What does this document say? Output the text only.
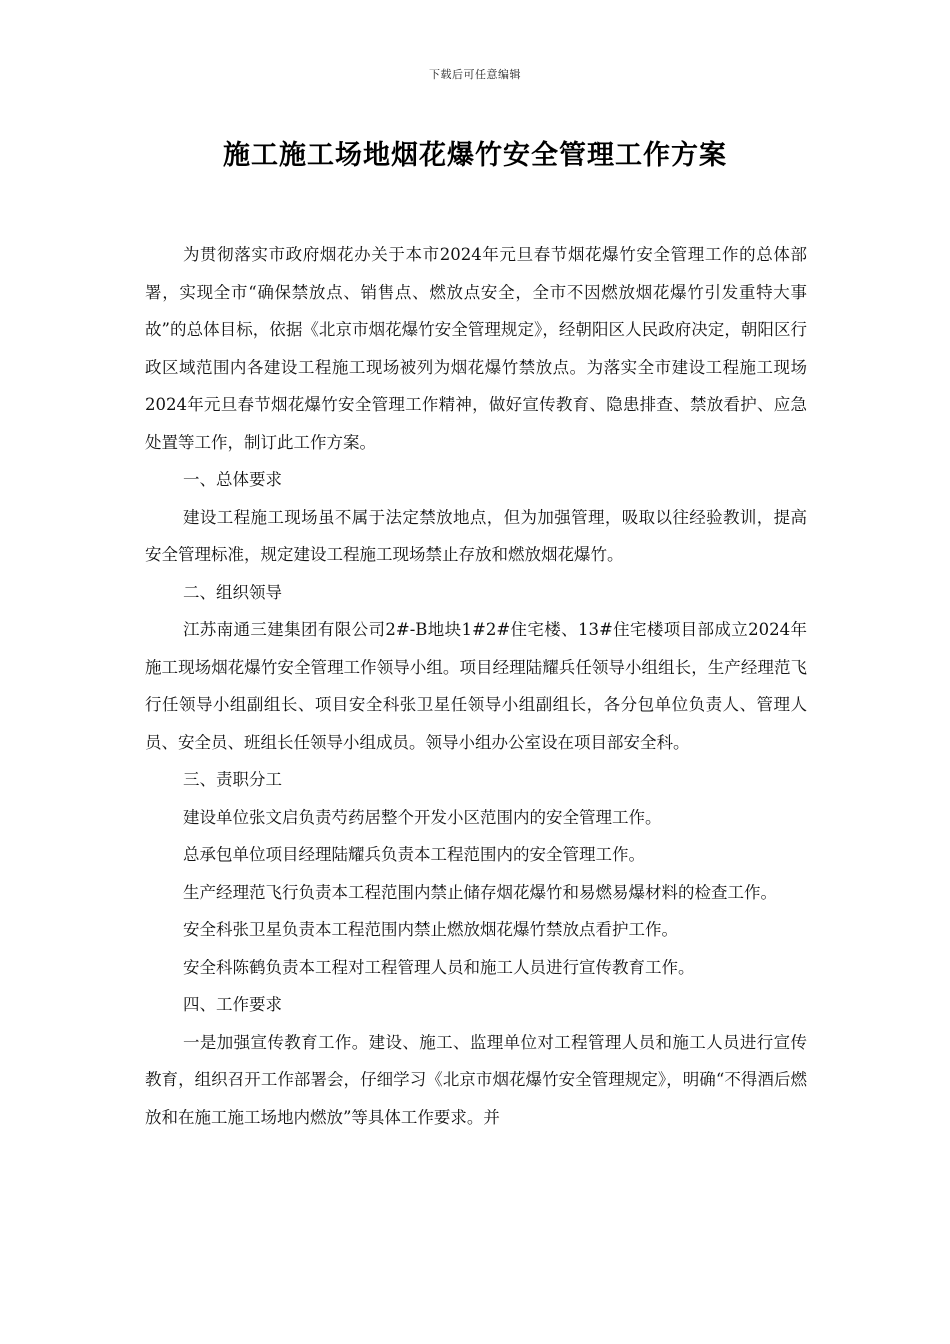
下载后可任意编辑
施工施工场地烟花爆竹安全管理工作方案

为贯彻落实市政府烟花办关于本市2024年元旦春节烟花爆竹安全管理工作的总体部署，实现全市“确保禁放点、销售点、燃放点安全，全市不因燃放烟花爆竹引发重特大事故”的总体目标，依据《北京市烟花爆竹安全管理规定》，经朝阳区人民政府决定，朝阳区行政区域范围内各建设工程施工现场被列为烟花爆竹禁放点。为落实全市建设工程施工现场2024年元旦春节烟花爆竹安全管理工作精神，做好宣传教育、隐患排查、禁放看护、应急处置等工作，制订此工作方案。

一、总体要求

建设工程施工现场虽不属于法定禁放地点，但为加强管理，吸取以往经验教训，提高安全管理标准，规定建设工程施工现场禁止存放和燃放烟花爆竹。

二、组织领导

江苏南通三建集团有限公司2#-B地块1#2#住宅楼、13#住宅楼项目部成立2024年施工现场烟花爆竹安全管理工作领导小组。项目经理陆耀兵任领导小组组长，生产经理范飞行任领导小组副组长、项目安全科张卫星任领导小组副组长，各分包单位负责人、管理人员、安全员、班组长任领导小组成员。领导小组办公室设在项目部安全科。

三、责职分工

建设单位张文启负责芍药居整个开发小区范围内的安全管理工作。

总承包单位项目经理陆耀兵负责本工程范围内的安全管理工作。

生产经理范飞行负责本工程范围内禁止储存烟花爆竹和易燃易爆材料的检查工作。

安全科张卫星负责本工程范围内禁止燃放烟花爆竹禁放点看护工作。

安全科陈鹤负责本工程对工程管理人员和施工人员进行宣传教育工作。

四、工作要求

一是加强宣传教育工作。建设、施工、监理单位对工程管理人员和施工人员进行宣传教育，组织召开工作部署会，仔细学习《北京市烟花爆竹安全管理规定》，明确“不得酒后燃放和在施工施工场地内燃放”等具体工作要求。并
